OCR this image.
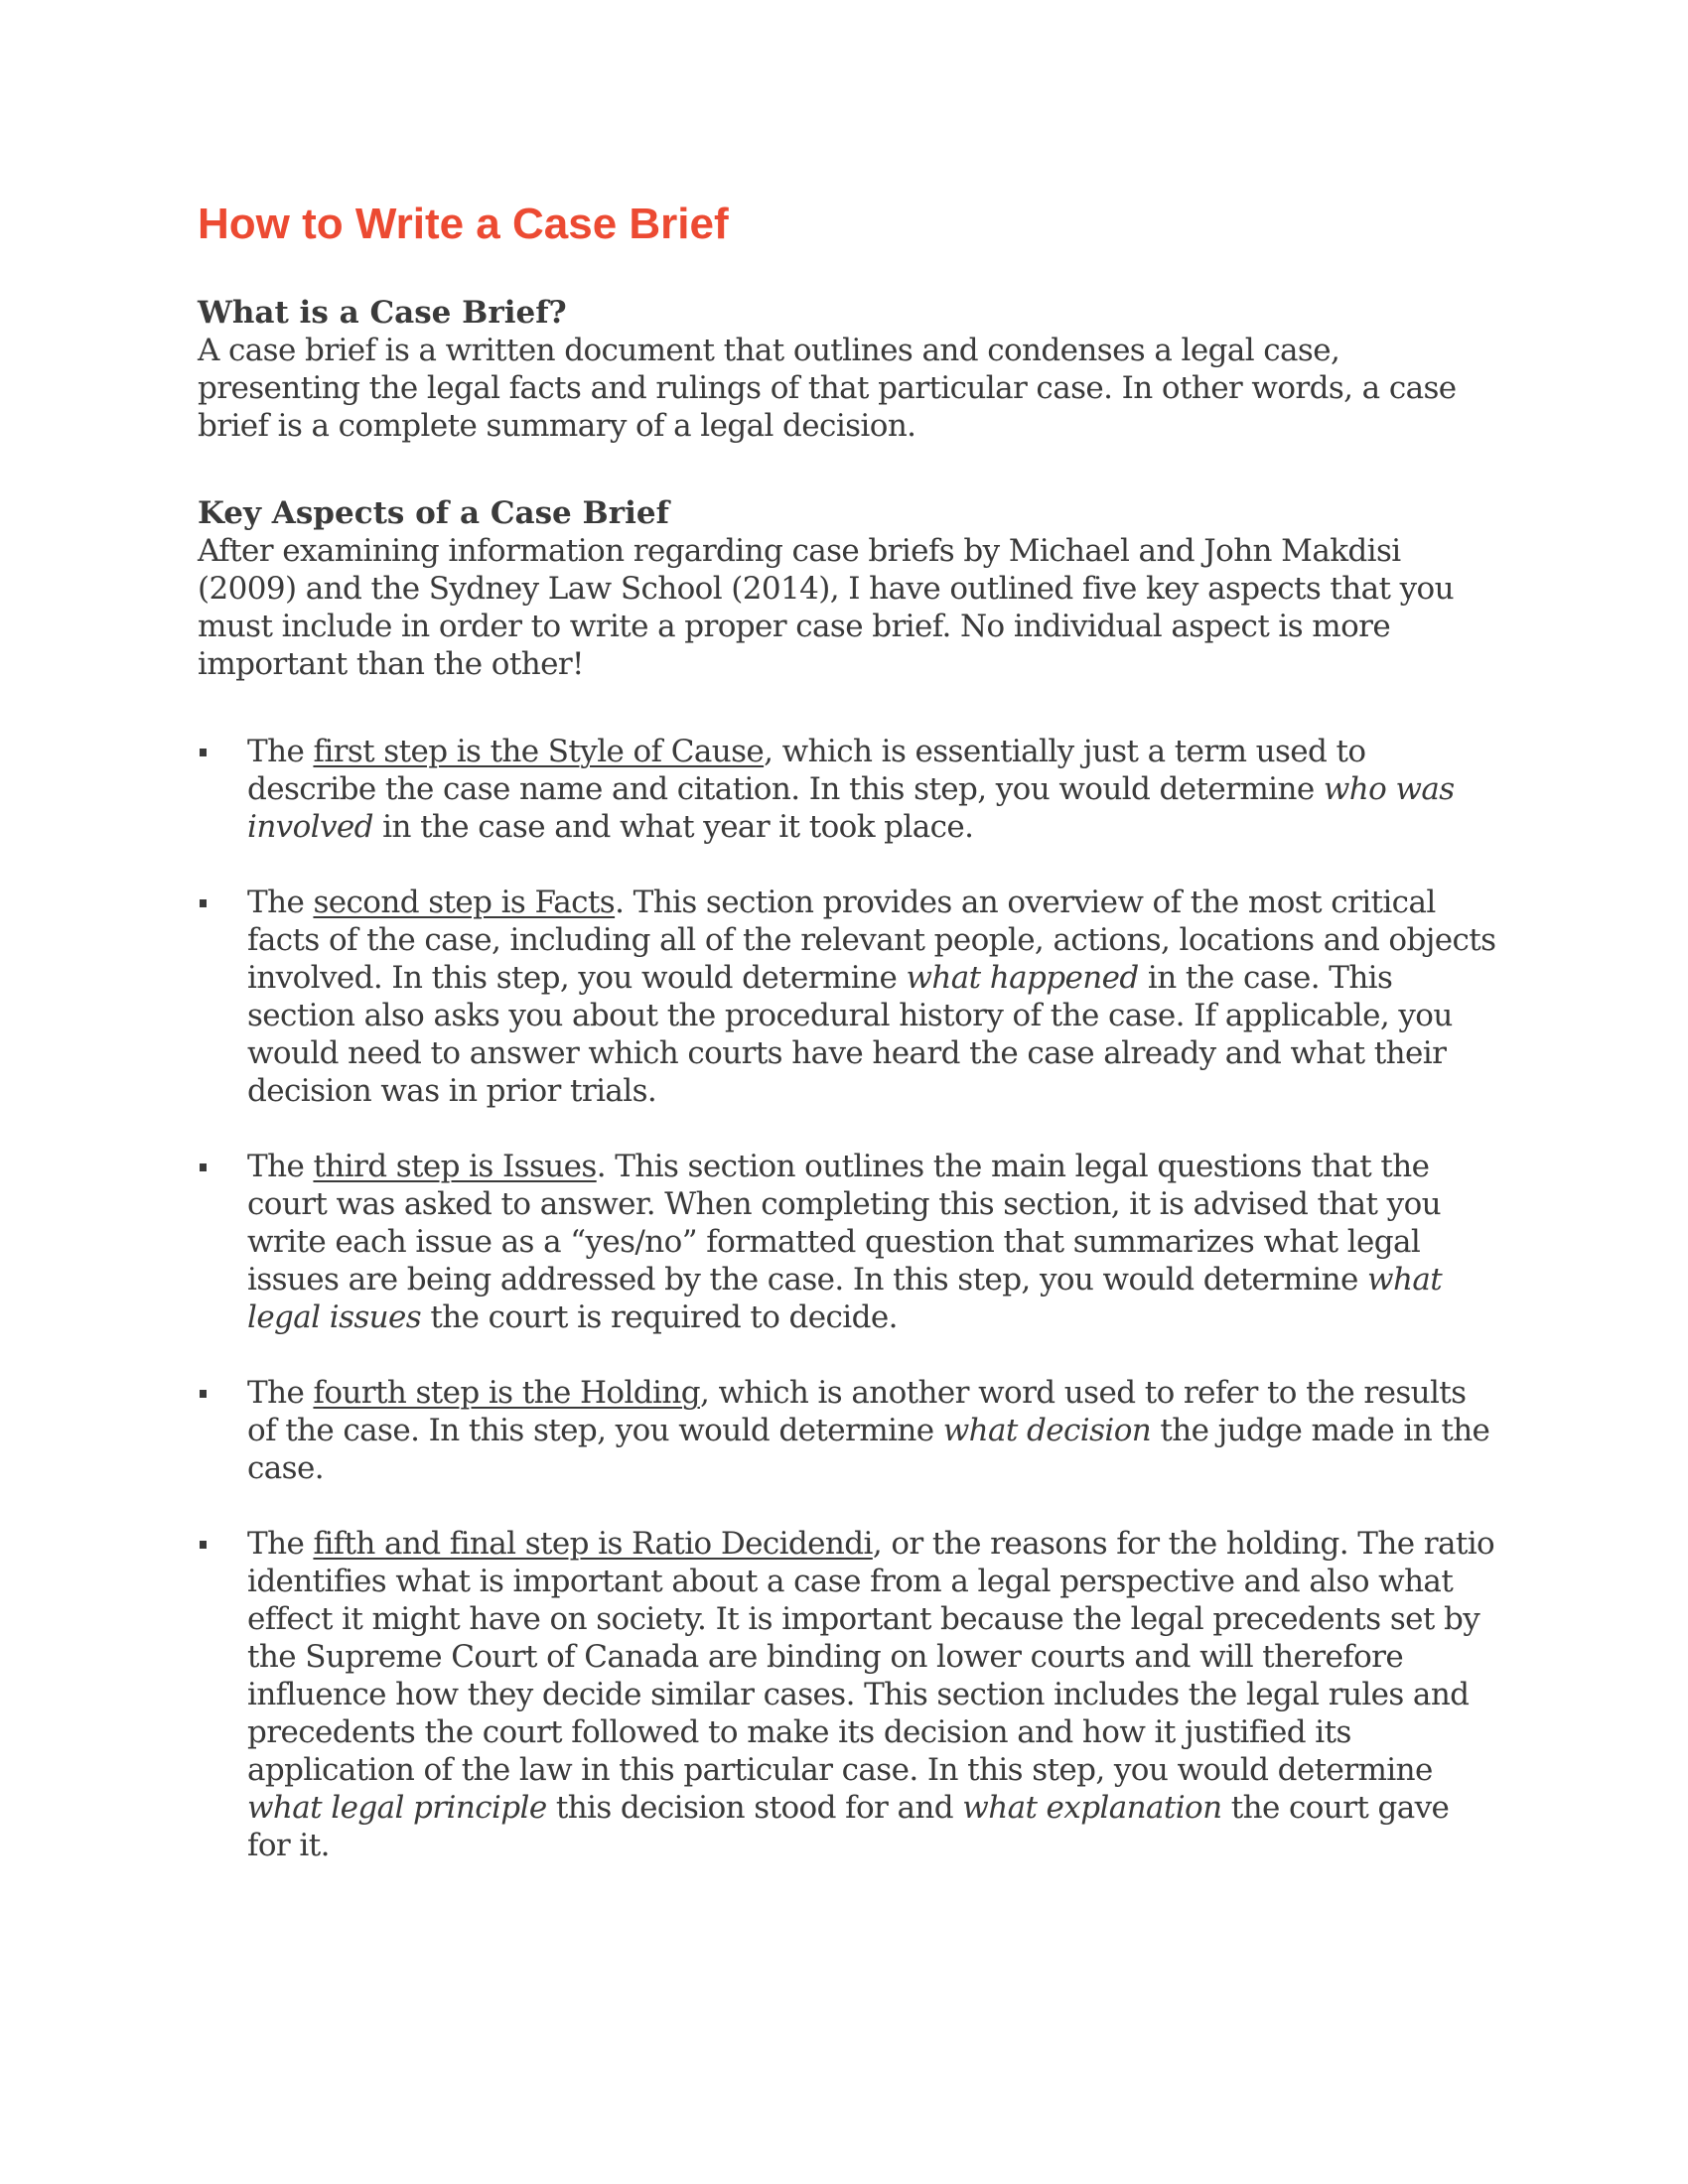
How to Write a Case Brief
What is a Case Brief?

A case brief is a written document that outlines and condenses a legal case, presenting the legal facts and rulings of that particular case. In other words, a case brief is a complete summary of a legal decision.

Key Aspects of a Case Brief

After examining information regarding case briefs by Michael and John Makdisi (2009) and the Sydney Law School (2014), I have outlined five key aspects that you must include in order to write a proper case brief. No individual aspect is more important than the other!

The first step is the Style of Cause, which is essentially just a term used to describe the case name and citation. In this step, you would determine who was involved in the case and what year it took place.
The second step is Facts. This section provides an overview of the most critical facts of the case, including all of the relevant people, actions, locations and objects involved. In this step, you would determine what happened in the case. This section also asks you about the procedural history of the case. If applicable, you would need to answer which courts have heard the case already and what their decision was in prior trials.
The third step is Issues. This section outlines the main legal questions that the court was asked to answer. When completing this section, it is advised that you write each issue as a “yes/no” formatted question that summarizes what legal issues are being addressed by the case. In this step, you would determine what legal issues the court is required to decide.
The fourth step is the Holding, which is another word used to refer to the results of the case. In this step, you would determine what decision the judge made in the case.
The fifth and final step is Ratio Decidendi, or the reasons for the holding. The ratio identifies what is important about a case from a legal perspective and also what effect it might have on society. It is important because the legal precedents set by the Supreme Court of Canada are binding on lower courts and will therefore influence how they decide similar cases. This section includes the legal rules and precedents the court followed to make its decision and how it justified its application of the law in this particular case. In this step, you would determine what legal principle this decision stood for and what explanation the court gave for it.
